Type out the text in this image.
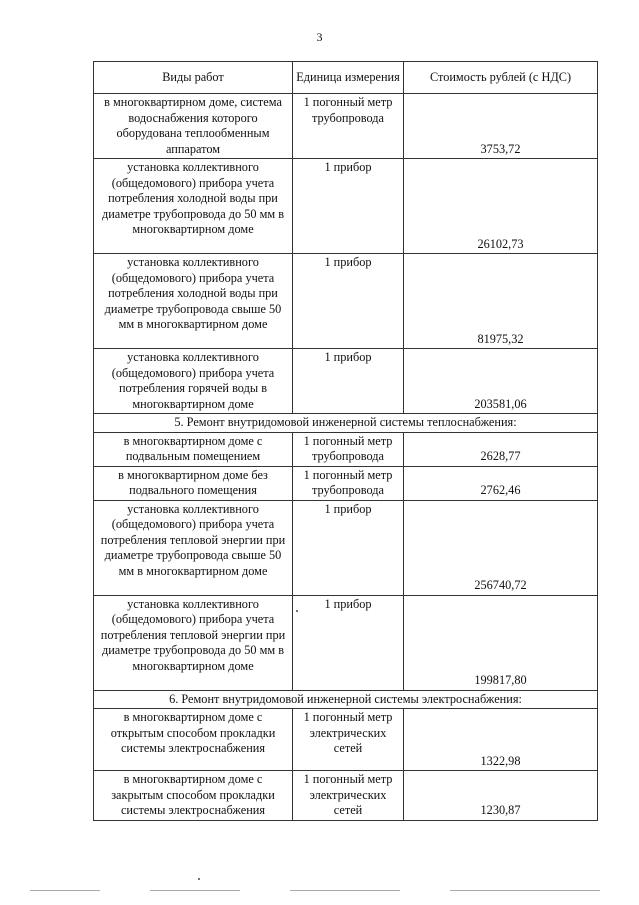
3
Виды работ	Единица измерения	Стоимость рублей (с НДС)
в многоквартирном доме, система водоснабжения которого оборудована теплообменным аппаратом	1 погонный метр трубопровода	3753,72
установка коллективного (общедомового) прибора учета потребления холодной воды при диаметре трубопровода до 50 мм в многоквартирном доме	1 прибор	26102,73
установка коллективного (общедомового) прибора учета потребления холодной воды при диаметре трубопровода свыше 50 мм в многоквартирном доме	1 прибор	81975,32
установка коллективного (общедомового) прибора учета потребления горячей воды в многоквартирном доме	1 прибор	203581,06
5. Ремонт внутридомовой инженерной системы теплоснабжения:		
в многоквартирном доме с подвальным помещением	1 погонный метр трубопровода	2628,77
в многоквартирном доме без подвального помещения	1 погонный метр трубопровода	2762,46
установка коллективного (общедомового) прибора учета потребления тепловой энергии при диаметре трубопровода свыше 50 мм в многоквартирном доме	1 прибор	256740,72
установка коллективного (общедомового) прибора учета потребления тепловой энергии при диаметре трубопровода до 50 мм в многоквартирном доме	1 прибор	199817,80
6. Ремонт внутридомовой инженерной системы электроснабжения:		
в многоквартирном доме с открытым способом прокладки системы электроснабжения	1 погонный метр электрических сетей	1322,98
в многоквартирном доме с закрытым способом прокладки системы электроснабжения	1 погонный метр электрических сетей	1230,87
